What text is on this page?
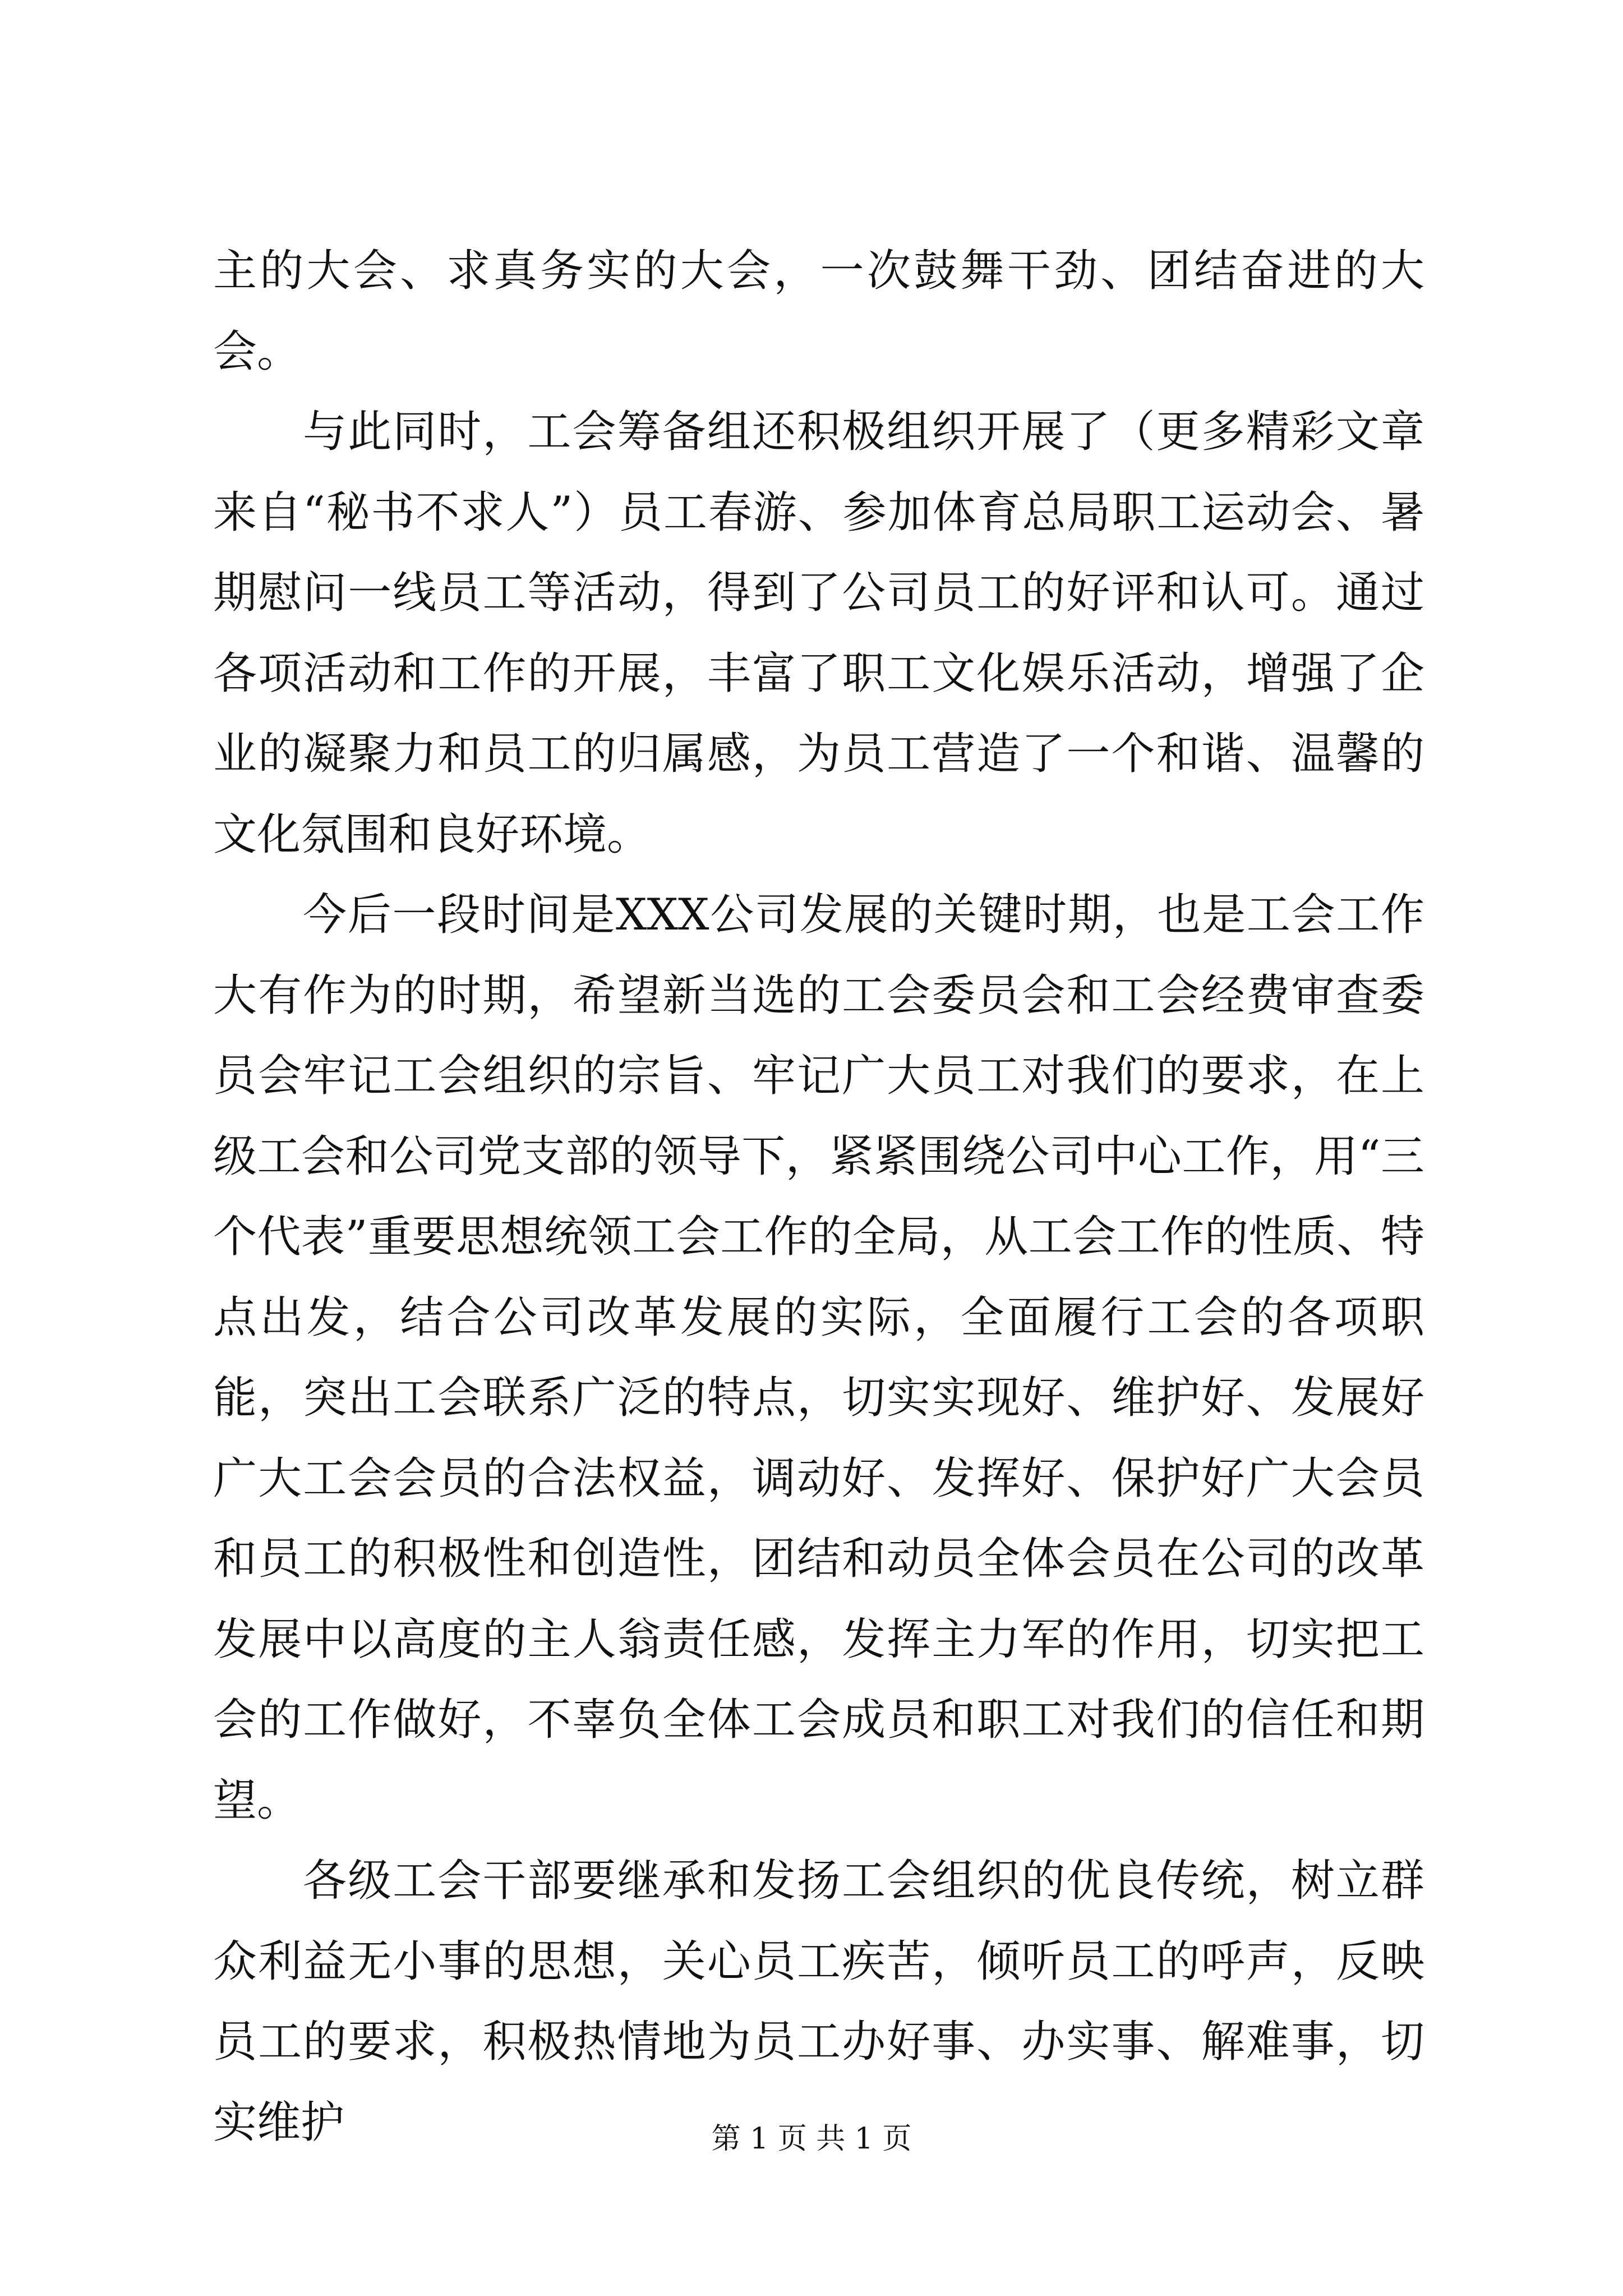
主的大会、求真务实的大会，一次鼓舞干劲、团结奋进的大会。

与此同时，工会筹备组还积极组织开展了（更多精彩文章来自“秘书不求人”）员工春游、参加体育总局职工运动会、暑期慰问一线员工等活动，得到了公司员工的好评和认可。通过各项活动和工作的开展，丰富了职工文化娱乐活动，增强了企业的凝聚力和员工的归属感，为员工营造了一个和谐、温馨的文化氛围和良好环境。

今后一段时间是XXX公司发展的关键时期，也是工会工作大有作为的时期，希望新当选的工会委员会和工会经费审查委员会牢记工会组织的宗旨、牢记广大员工对我们的要求，在上级工会和公司党支部的领导下，紧紧围绕公司中心工作，用“三个代表”重要思想统领工会工作的全局，从工会工作的性质、特点出发，结合公司改革发展的实际，全面履行工会的各项职能，突出工会联系广泛的特点，切实实现好、维护好、发展好广大工会会员的合法权益，调动好、发挥好、保护好广大会员和员工的积极性和创造性，团结和动员全体会员在公司的改革发展中以高度的主人翁责任感，发挥主力军的作用，切实把工会的工作做好，不辜负全体工会成员和职工对我们的信任和期望。

各级工会干部要继承和发扬工会组织的优良传统，树立群众利益无小事的思想，关心员工疾苦，倾听员工的呼声，反映员工的要求，积极热情地为员工办好事、办实事、解难事，切实维护	第 1 页 共 1 页
